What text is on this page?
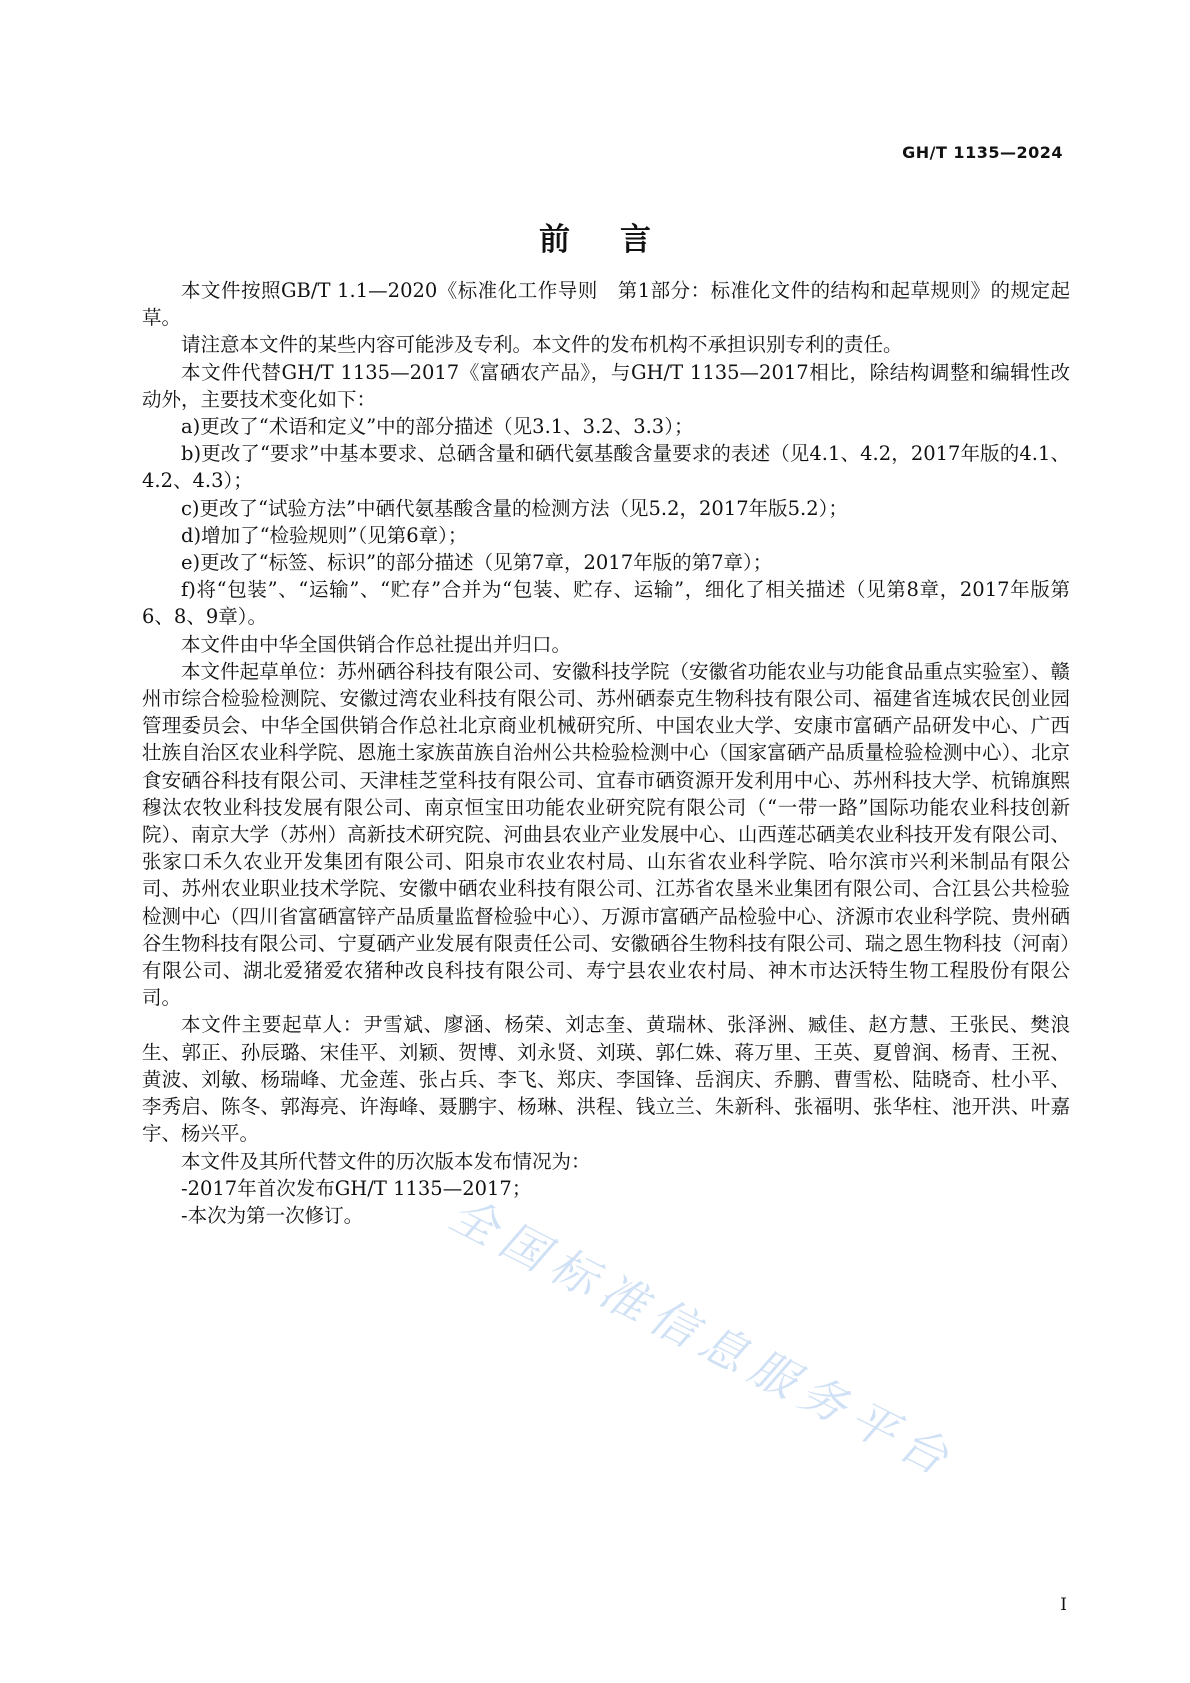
GH/T 1135—2024
前言

本文件按照GB/T 1.1—2020《标准化工作导则　第1部分：标准化文件的结构和起草规则》的规定起草。

请注意本文件的某些内容可能涉及专利。本文件的发布机构不承担识别专利的责任。

本文件代替GH/T 1135—2017《富硒农产品》，与GH/T 1135—2017相比，除结构调整和编辑性改动外，主要技术变化如下：

a)更改了“术语和定义”中的部分描述（见3.1、3.2、3.3）；

b)更改了“要求”中基本要求、总硒含量和硒代氨基酸含量要求的表述（见4.1、4.2，2017年版的4.1、4.2、4.3）；

c)更改了“试验方法”中硒代氨基酸含量的检测方法（见5.2，2017年版5.2）；

d)增加了“检验规则”（见第6章）；

e)更改了“标签、标识”的部分描述（见第7章，2017年版的第7章）；

f)将“包装”、“运输”、“贮存”合并为“包装、贮存、运输”，细化了相关描述（见第8章，2017年版第6、8、9章）。

本文件由中华全国供销合作总社提出并归口。

本文件起草单位：苏州硒谷科技有限公司、安徽科技学院（安徽省功能农业与功能食品重点实验室）、赣州市综合检验检测院、安徽过湾农业科技有限公司、苏州硒泰克生物科技有限公司、福建省连城农民创业园管理委员会、中华全国供销合作总社北京商业机械研究所、中国农业大学、安康市富硒产品研发中心、广西壮族自治区农业科学院、恩施土家族苗族自治州公共检验检测中心（国家富硒产品质量检验检测中心）、北京食安硒谷科技有限公司、天津桂芝堂科技有限公司、宜春市硒资源开发利用中心、苏州科技大学、杭锦旗熙穆汰农牧业科技发展有限公司、南京恒宝田功能农业研究院有限公司（“一带一路”国际功能农业科技创新院）、南京大学（苏州）高新技术研究院、河曲县农业产业发展中心、山西莲芯硒美农业科技开发有限公司、张家口禾久农业开发集团有限公司、阳泉市农业农村局、山东省农业科学院、哈尔滨市兴利米制品有限公司、苏州农业职业技术学院、安徽中硒农业科技有限公司、江苏省农垦米业集团有限公司、合江县公共检验检测中心（四川省富硒富锌产品质量监督检验中心）、万源市富硒产品检验中心、济源市农业科学院、贵州硒谷生物科技有限公司、宁夏硒产业发展有限责任公司、安徽硒谷生物科技有限公司、瑞之恩生物科技（河南）有限公司、湖北爱猪爱农猪种改良科技有限公司、寿宁县农业农村局、神木市达沃特生物工程股份有限公司。

本文件主要起草人：尹雪斌、廖涵、杨荣、刘志奎、黄瑞林、张泽洲、臧佳、赵方慧、王张民、樊浪生、郭正、孙辰璐、宋佳平、刘颖、贺博、刘永贤、刘瑛、郭仁姝、蒋万里、王英、夏曾润、杨青、王祝、黄波、刘敏、杨瑞峰、尤金莲、张占兵、李飞、郑庆、李国锋、岳润庆、乔鹏、曹雪松、陆晓奇、杜小平、李秀启、陈冬、郭海亮、许海峰、聂鹏宇、杨琳、洪程、钱立兰、朱新科、张福明、张华柱、池开洪、叶嘉宇、杨兴平。

本文件及其所代替文件的历次版本发布情况为：

-2017年首次发布GH/T 1135—2017；

-本次为第一次修订。	全国标准信息服务平台
I
